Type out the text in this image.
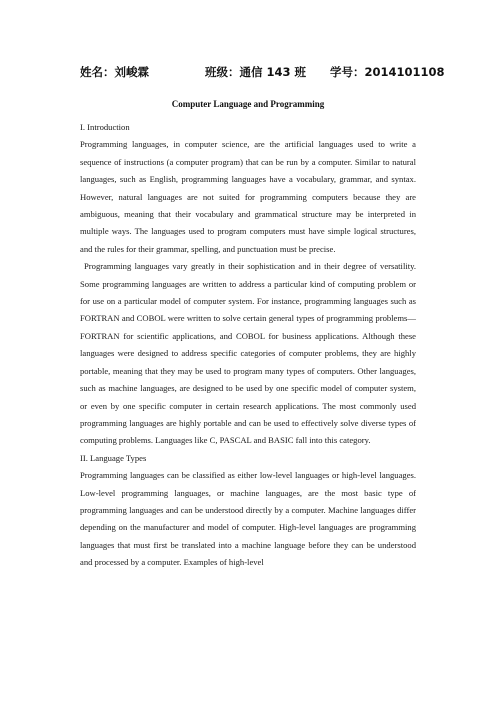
姓名：刘峻霖	班级：通信 143 班 学号：2014101108
Computer Language and Programming

I. Introduction

Programming languages, in computer science, are the artificial languages used to write a sequence of instructions (a computer program) that can be run by a computer. Similar to natural languages, such as English, programming languages have a vocabulary, grammar, and syntax. However, natural languages are not suited for programming computers because they are ambiguous, meaning that their vocabulary and grammatical structure may be interpreted in multiple ways. The languages used to program computers must have simple logical structures, and the rules for their grammar, spelling, and punctuation must be precise.

Programming languages vary greatly in their sophistication and in their degree of versatility. Some programming languages are written to address a particular kind of computing problem or for use on a particular model of computer system. For instance, programming languages such as FORTRAN and COBOL were written to solve certain general types of programming problems—FORTRAN for scientific applications, and COBOL for business applications. Although these languages were designed to address specific categories of computer problems, they are highly portable, meaning that they may be used to program many types of computers. Other languages, such as machine languages, are designed to be used by one specific model of computer system, or even by one specific computer in certain research applications. The most commonly used programming languages are highly portable and can be used to effectively solve diverse types of computing problems. Languages like C, PASCAL and BASIC fall into this category.

II. Language Types

Programming languages can be classified as either low-level languages or high-level languages. Low-level programming languages, or machine languages, are the most basic type of programming languages and can be understood directly by a computer. Machine languages differ depending on the manufacturer and model of computer. High-level languages are programming languages that must first be translated into a machine language before they can be understood and processed by a computer. Examples of high-level
